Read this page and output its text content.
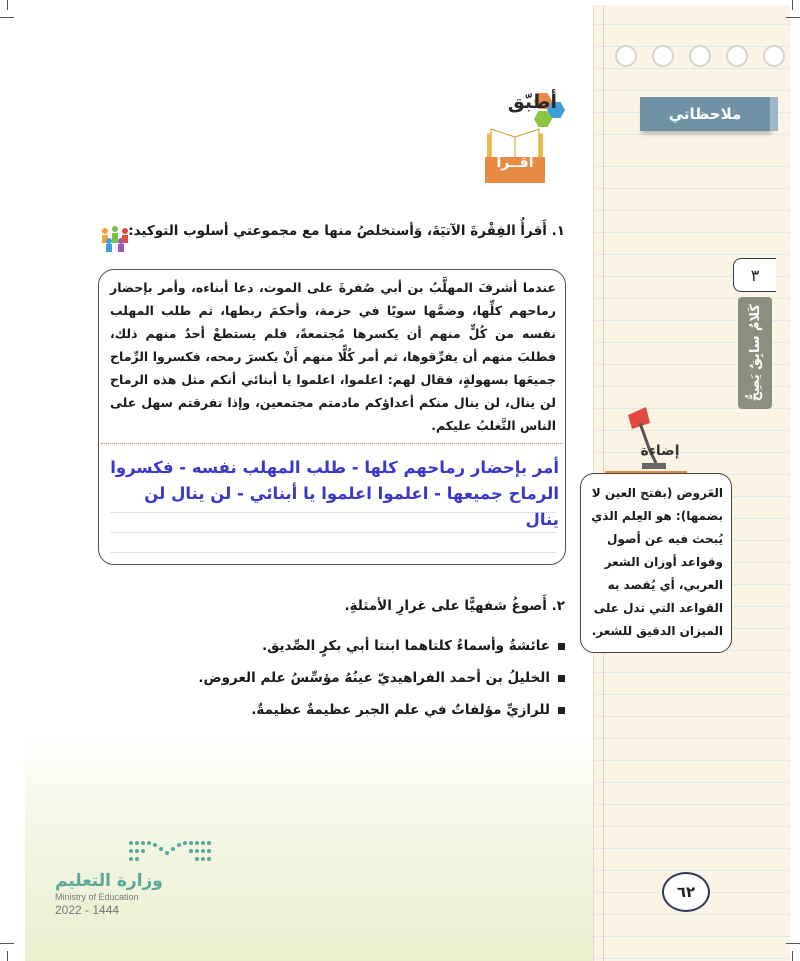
ملاحظاتي
٣
كَلامٌ سابِقٌ يَصِحُّ
إضاءة
العَروض (بفتح العين لا بضمها): هو العِلم الذي يُبحث فيه عن أصول وقواعد أوزان الشعر العربي، أي يُقصد به القواعد التي تدل على الميزان الدقيق للشعر.
٦٢
أطبّق
أقــرأ
١. أَقرأُ الفِقْرةَ الآتيَةَ، وَأستخلصُ منها مع مجموعتي أسلوب التوكيد:
عندما أشرفَ المهلَّبُ بن أبي صُفرةَ على الموت، دعا أبناءه، وأمر بإحضار رماحهم كلِّها، وضمَّها سويًا في حزمة، وأحكمَ ربطها، ثم طلب المهلب نفسه من كُلٍّ منهم أن يكسرها مُجتمعةً، فلم يستطعْ أحدٌ منهم ذلك، فطلبَ منهم أن يفرِّقوها، ثم أمر كُلًّا منهم أَنْ يكسرَ رمحه، فكسروا الرِّماح جميعَها بسهولةٍ، فقال لهم: اعلموا، اعلموا يا أبنائي أنكم مثل هذه الرماح لن ينال، لن ينال منكم أعداؤكم مادمتم مجتمعين، وإذا تفرقتم سهل على الناس التَّغلبُ عليكم.
أمر بإحضار رماحهم كلها - طلب المهلب نفسه - فكسروا الرماح جميعها - اعلموا اعلموا يا أبنائي - لن ينال لن ينال
٢. أَصوغُ شفهيًّا على غرارِ الأمثلةِ.
عائشةُ وأسماءُ كلتاهما ابنتا أبي بكرٍ الصِّديق.
الخليلُ بن أحمد الفراهيديّ عينُهُ مؤسِّسُ علم العروض.
للرازيِّ مؤلفاتٌ في علم الجبر عظيمةٌ عظيمةٌ.
وزارة التعليم
Ministry of Education
2022 - 1444
